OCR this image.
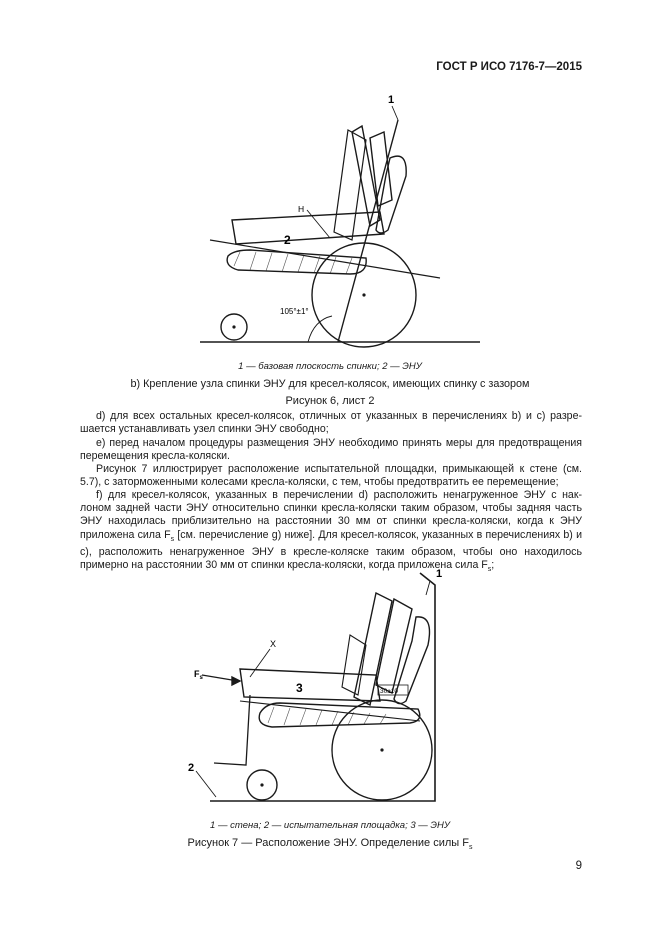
ГОСТ Р ИСО 7176-7—2015
1
2
H
105°±1°
1 — базовая плоскость спинки; 2 — ЭНУ
b) Крепление узла спинки ЭНУ для кресел-колясок, имеющих спинку с зазором
Рисунок 6, лист 2
d) для всех остальных кресел-колясок, отличных от указанных в перечислениях b) и с) разре-шается устанавливать узел спинки ЭНУ свободно;
е) перед началом процедуры размещения ЭНУ необходимо принять меры для предотвращения перемещения кресла-коляски.
Рисунок 7 иллюстрирует расположение испытательной площадки, примыкающей к стене (см. 5.7), с заторможенными колесами кресла-коляски, с тем, чтобы предотвратить ее перемещение;
f) для кресел-колясок, указанных в перечислении d) расположить ненагруженное ЭНУ с нак-лоном задней части ЭНУ относительно спинки кресла-коляски таким образом, чтобы задняя часть ЭНУ находилась приблизительно на расстоянии 30 мм от спинки кресла-коляски, когда к ЭНУ приложена сила $F_s$ [см. перечисление g) ниже]. Для кресел-колясок, указанных в перечислениях b) и с), расположить ненагруженное ЭНУ в кресле-коляске таким образом, чтобы оно находилось примерно на расстоянии 30 мм от спинки кресла-коляски, когда приложена сила $F_s$;
1
2
3
X
$F_s$
30±10
1 — стена; 2 — испытательная площадка; 3 — ЭНУ
Рисунок 7 — Расположение ЭНУ. Определение силы $F_s$
9
